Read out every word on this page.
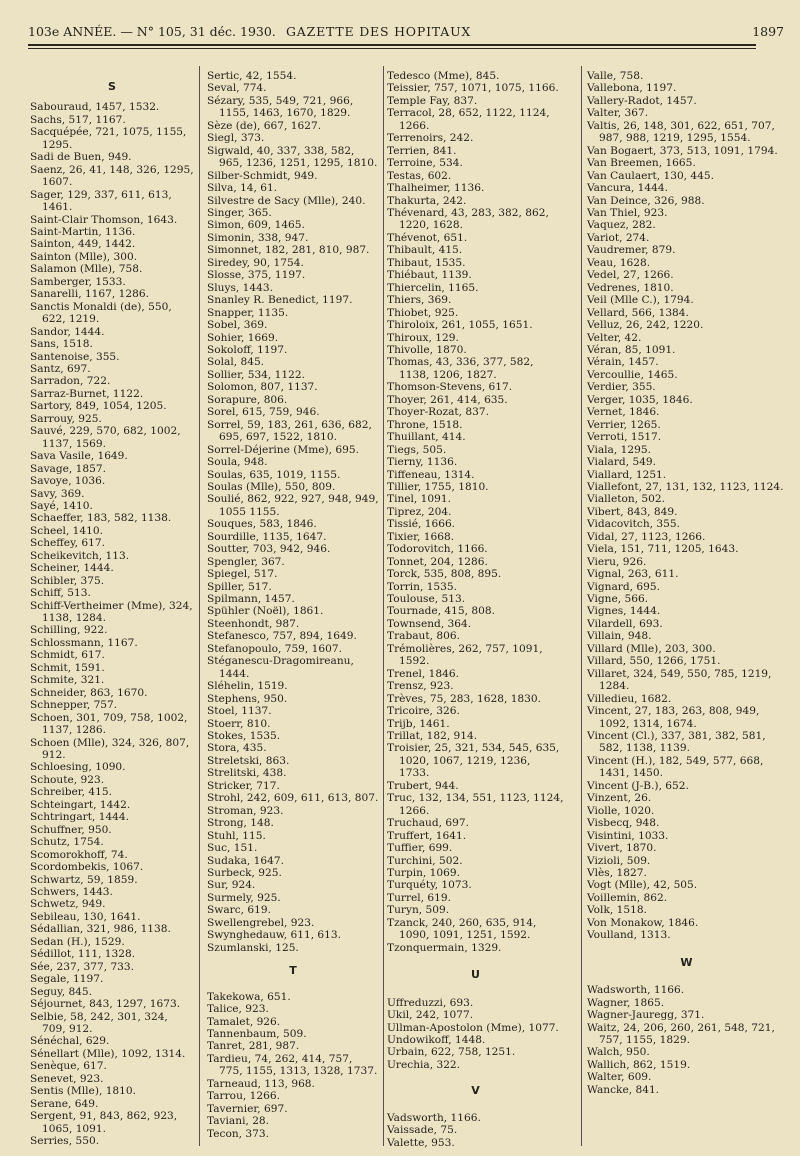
103e ANNÉE. — N° 105, 31 déc. 1930. GAZETTE DES HOPITAUX	1897

S

Sabouraud, 1457, 1532.

Sachs, 517, 1167.

Sacquépée, 721, 1075, 1155, 1295.

Sadi de Buen, 949.

Saenz, 26, 41, 148, 326, 1295, 1607.

Sager, 129, 337, 611, 613, 1461.

Saint-Clair Thomson, 1643.

Saint-Martin, 1136.

Sainton, 449, 1442.

Sainton (Mlle), 300.

Salamon (Mlle), 758.

Samberger, 1533.

Sanarelli, 1167, 1286.

Sanctis Monaldi (de), 550, 622, 1219.

Sandor, 1444.

Sans, 1518.

Santenoise, 355.

Santz, 697.

Sarradon, 722.

Sarraz-Burnet, 1122.

Sartory, 849, 1054, 1205.

Sarrouy, 925.

Sauvé, 229, 570, 682, 1002, 1137, 1569.

Sava Vasile, 1649.

Savage, 1857.

Savoye, 1036.

Savy, 369.

Sayé, 1410.

Schaeffer, 183, 582, 1138.

Scheel, 1410.

Scheffey, 617.

Scheikevitch, 113.

Scheiner, 1444.

Schibler, 375.

Schiff, 513.

Schiff-Vertheimer (Mme), 324, 1138, 1284.

Schilling, 922.

Schlossmann, 1167.

Schmidt, 617.

Schmit, 1591.

Schmite, 321.

Schneider, 863, 1670.

Schnepper, 757.

Schoen, 301, 709, 758, 1002, 1137, 1286.

Schoen (Mlle), 324, 326, 807, 912.

Schloesing, 1090.

Schoute, 923.

Schreiber, 415.

Schteingart, 1442.

Schtringart, 1444.

Schuffner, 950.

Schutz, 1754.

Scomorokhoff, 74.

Scordombekis, 1067.

Schwartz, 59, 1859.

Schwers, 1443.

Schwetz, 949.

Sebileau, 130, 1641.

Sédallian, 321, 986, 1138.

Sedan (H.), 1529.

Sédillot, 111, 1328.

Sée, 237, 377, 733.

Segale, 1197.

Seguy, 845.

Séjournet, 843, 1297, 1673.

Selbie, 58, 242, 301, 324, 709, 912.

Sénéchal, 629.

Sénellart (Mlle), 1092, 1314.

Senèque, 617.

Senevet, 923.

Sentis (Mlle), 1810.

Serane, 649.

Sergent, 91, 843, 862, 923, 1065, 1091.

Serries, 550.

Sertic, 42, 1554.

Seval, 774.

Sézary, 535, 549, 721, 966, 1155, 1463, 1670, 1829.

Sèze (de), 667, 1627.

Siegl, 373.

Sigwald, 40, 337, 338, 582, 965, 1236, 1251, 1295, 1810.

Silber-Schmidt, 949.

Silva, 14, 61.

Silvestre de Sacy (Mlle), 240.

Singer, 365.

Simon, 609, 1465.

Simonin, 338, 947.

Simonnet, 182, 281, 810, 987.

Siredey, 90, 1754.

Slosse, 375, 1197.

Sluys, 1443.

Snanley R. Benedict, 1197.

Snapper, 1135.

Sobel, 369.

Sohier, 1669.

Sokoloff, 1197.

Solal, 845.

Sollier, 534, 1122.

Solomon, 807, 1137.

Sorapure, 806.

Sorel, 615, 759, 946.

Sorrel, 59, 183, 261, 636, 682, 695, 697, 1522, 1810.

Sorrel-Déjerine (Mme), 695.

Soula, 948.

Soulas, 635, 1019, 1155.

Soulas (Mlle), 550, 809.

Soulié, 862, 922, 927, 948, 949, 1055 1155.

Souques, 583, 1846.

Sourdille, 1135, 1647.

Soutter, 703, 942, 946.

Spengler, 367.

Spiegel, 517.

Spiller, 517.

Spilmann, 1457.

Spühler (Noël), 1861.

Steenhondt, 987.

Stefanesco, 757, 894, 1649.

Stefanopoulo, 759, 1607.

Stéganescu-Dragomireanu, 1444.

Sléhelin, 1519.

Stephens, 950.

Stoel, 1137.

Stoerr, 810.

Stokes, 1535.

Stora, 435.

Streletski, 863.

Strelitski, 438.

Stricker, 717.

Strohl, 242, 609, 611, 613, 807.

Stroman, 923.

Strong, 148.

Stuhl, 115.

Suc, 151.

Sudaka, 1647.

Surbeck, 925.

Sur, 924.

Surmely, 925.

Swarc, 619.

Swellengrebel, 923.

Swynghedauw, 611, 613.

Szumlanski, 125.

T

Takekowa, 651.

Talice, 923.

Tamalet, 926.

Tannenbaum, 509.

Tanret, 281, 987.

Tardieu, 74, 262, 414, 757, 775, 1155, 1313, 1328, 1737.

Tarneaud, 113, 968.

Tarrou, 1266.

Tavernier, 697.

Taviani, 28.

Tecon, 373.

Tedesco (Mme), 845.

Teissier, 757, 1071, 1075, 1166.

Temple Fay, 837.

Terracol, 28, 652, 1122, 1124, 1266.

Terrenoirs, 242.

Terrien, 841.

Terroine, 534.

Testas, 602.

Thalheimer, 1136.

Thakurta, 242.

Thévenard, 43, 283, 382, 862, 1220, 1628.

Thévenot, 651.

Thibault, 415.

Thibaut, 1535.

Thiébaut, 1139.

Thiercelin, 1165.

Thiers, 369.

Thiobet, 925.

Thiroloix, 261, 1055, 1651.

Thiroux, 129.

Thivolle, 1870.

Thomas, 43, 336, 377, 582, 1138, 1206, 1827.

Thomson-Stevens, 617.

Thoyer, 261, 414, 635.

Thoyer-Rozat, 837.

Throne, 1518.

Thuillant, 414.

Tiegs, 505.

Tierny, 1136.

Tiffeneau, 1314.

Tillier, 1755, 1810.

Tinel, 1091.

Tiprez, 204.

Tissié, 1666.

Tixier, 1668.

Todorovitch, 1166.

Tonnet, 204, 1286.

Torck, 535, 808, 895.

Torrin, 1535.

Toulouse, 513.

Tournade, 415, 808.

Townsend, 364.

Trabaut, 806.

Trémolières, 262, 757, 1091, 1592.

Trenel, 1846.

Trensz, 923.

Trèves, 75, 283, 1628, 1830.

Tricoire, 326.

Trijb, 1461.

Trillat, 182, 914.

Troisier, 25, 321, 534, 545, 635, 1020, 1067, 1219, 1236, 1733.

Trubert, 944.

Truc, 132, 134, 551, 1123, 1124, 1266.

Truchaud, 697.

Truffert, 1641.

Tuffier, 699.

Turchini, 502.

Turpin, 1069.

Turquéty, 1073.

Turrel, 619.

Turyn, 509.

Tzanck, 240, 260, 635, 914, 1090, 1091, 1251, 1592.

Tzonquermain, 1329.

U

Uffreduzzi, 693.

Ukil, 242, 1077.

Ullman-Apostolon (Mme), 1077.

Undowikoff, 1448.

Urbain, 622, 758, 1251.

Urechia, 322.

V

Vadsworth, 1166.

Vaissade, 75.

Valette, 953.

Valle, 758.

Vallebona, 1197.

Vallery-Radot, 1457.

Valter, 367.

Valtis, 26, 148, 301, 622, 651, 707, 987, 988, 1219, 1295, 1554.

Van Bogaert, 373, 513, 1091, 1794.

Van Breemen, 1665.

Van Caulaert, 130, 445.

Vancura, 1444.

Van Deince, 326, 988.

Van Thiel, 923.

Vaquez, 282.

Variot, 274.

Vaudremer, 879.

Veau, 1628.

Vedel, 27, 1266.

Vedrenes, 1810.

Veil (Mlle C.), 1794.

Vellard, 566, 1384.

Velluz, 26, 242, 1220.

Velter, 42.

Véran, 85, 1091.

Vérain, 1457.

Vercoullie, 1465.

Verdier, 355.

Verger, 1035, 1846.

Vernet, 1846.

Verrier, 1265.

Verroti, 1517.

Viala, 1295.

Vialard, 549.

Viallard, 1251.

Viallefont, 27, 131, 132, 1123, 1124.

Vialleton, 502.

Vibert, 843, 849.

Vidacovitch, 355.

Vidal, 27, 1123, 1266.

Viela, 151, 711, 1205, 1643.

Vieru, 926.

Vignal, 263, 611.

Vignard, 695.

Vigne, 566.

Vignes, 1444.

Vilardell, 693.

Villain, 948.

Villard (Mlle), 203, 300.

Villard, 550, 1266, 1751.

Villaret, 324, 549, 550, 785, 1219, 1284.

Villedieu, 1682.

Vincent, 27, 183, 263, 808, 949, 1092, 1314, 1674.

Vincent (Cl.), 337, 381, 382, 581, 582, 1138, 1139.

Vincent (H.), 182, 549, 577, 668, 1431, 1450.

Vincent (J-B.), 652.

Vinzent, 26.

Violle, 1020.

Visbecq, 948.

Visintini, 1033.

Vivert, 1870.

Vizioli, 509.

Vlès, 1827.

Vogt (Mlle), 42, 505.

Voillemin, 862.

Volk, 1518.

Von Monakow, 1846.

Voulland, 1313.

W

Wadsworth, 1166.

Wagner, 1865.

Wagner-Jauregg, 371.

Waitz, 24, 206, 260, 261, 548, 721, 757, 1155, 1829.

Walch, 950.

Wallich, 862, 1519.

Walter, 609.

Wancke, 841.
